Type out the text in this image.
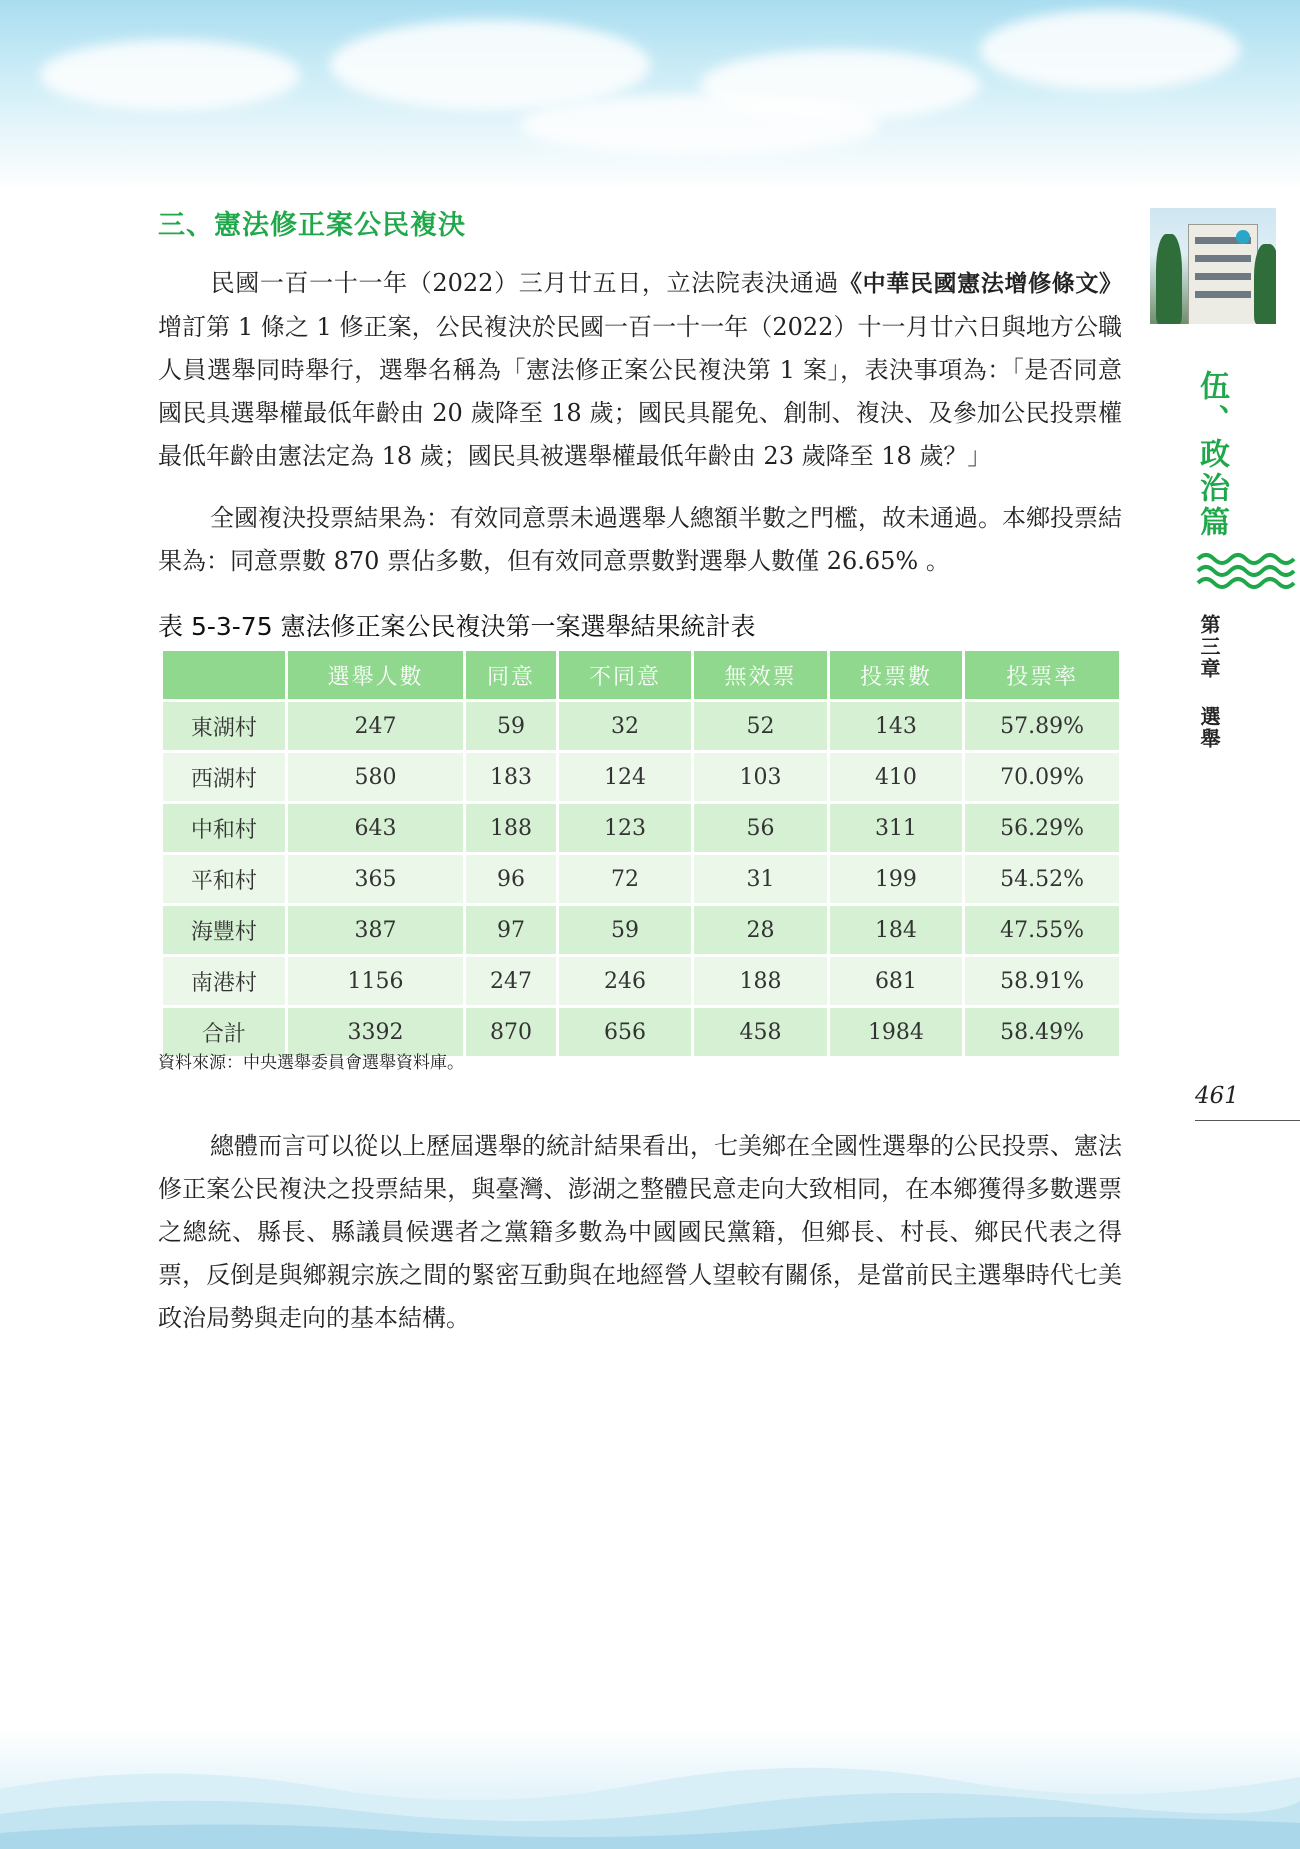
三、憲法修正案公民複決

民國一百一十一年（2022）三月廿五日，立法院表決通過《中華民國憲法增修條文》增訂第 1 條之 1 修正案，公民複決於民國一百一十一年（2022）十一月廿六日與地方公職人員選舉同時舉行，選舉名稱為「憲法修正案公民複決第 1 案」，表決事項為：「是否同意國民具選舉權最低年齡由 20 歲降至 18 歲；國民具罷免、創制、複決、及參加公民投票權最低年齡由憲法定為 18 歲；國民具被選舉權最低年齡由 23 歲降至 18 歲？」

全國複決投票結果為：有效同意票未過選舉人總額半數之門檻，故未通過。本鄉投票結果為：同意票數 870 票佔多數，但有效同意票數對選舉人數僅 26.65% 。

表 5-3-75 憲法修正案公民複決第一案選舉結果統計表
	選舉人數	同意	不同意	無效票	投票數	投票率
東湖村	247	59	32	52	143	57.89%
西湖村	580	183	124	103	410	70.09%
中和村	643	188	123	56	311	56.29%
平和村	365	96	72	31	199	54.52%
海豐村	387	97	59	28	184	47.55%
南港村	1156	247	246	188	681	58.91%
合計	3392	870	656	458	1984	58.49%
資料來源：中央選舉委員會選舉資料庫。

總體而言可以從以上歷屆選舉的統計結果看出，七美鄉在全國性選舉的公民投票、憲法修正案公民複決之投票結果，與臺灣、澎湖之整體民意走向大致相同，在本鄉獲得多數選票之總統、縣長、縣議員候選者之黨籍多數為中國國民黨籍，但鄉長、村長、鄉民代表之得票，反倒是與鄉親宗族之間的緊密互動與在地經營人望較有關係，是當前民主選舉時代七美政治局勢與走向的基本結構。

伍、政治篇
第三章 選舉
461
